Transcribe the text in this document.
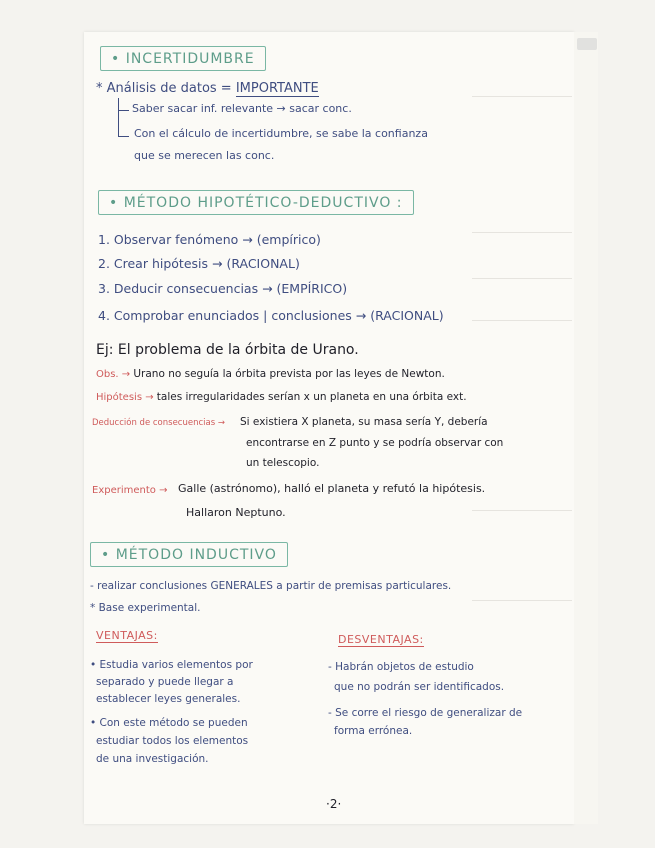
• INCERTIDUMBRE
* Análisis de datos = IMPORTANTE
Saber sacar inf. relevante → sacar conc.
Con el cálculo de incertidumbre, se sabe la confianza
que se merecen las conc.
• MÉTODO HIPOTÉTICO-DEDUCTIVO :
1. Observar fenómeno → (empírico)
2. Crear hipótesis → (RACIONAL)
3. Deducir consecuencias → (EMPÍRICO)
4. Comprobar enunciados | conclusiones → (RACIONAL)
Ej: El problema de la órbita de Urano.
Obs. → Urano no seguía la órbita prevista por las leyes de Newton.
Hipótesis → tales irregularidades serían x un planeta en una órbita ext.
Deducción de consecuencias → Si existiera X planeta, su masa sería Y, debería
encontrarse en Z punto y se podría observar con
un telescopio.
Experimento → Galle (astrónomo), halló el planeta y refutó la hipótesis.
Hallaron Neptuno.
• MÉTODO INDUCTIVO
- realizar conclusiones GENERALES a partir de premisas particulares.
* Base experimental.
VENTAJAS:
• Estudia varios elementos por
separado y puede llegar a
establecer leyes generales.
• Con este método se pueden
estudiar todos los elementos
de una investigación.
DESVENTAJAS:
- Habrán objetos de estudio
que no podrán ser identificados.
- Se corre el riesgo de generalizar de
forma errónea.
·2·
